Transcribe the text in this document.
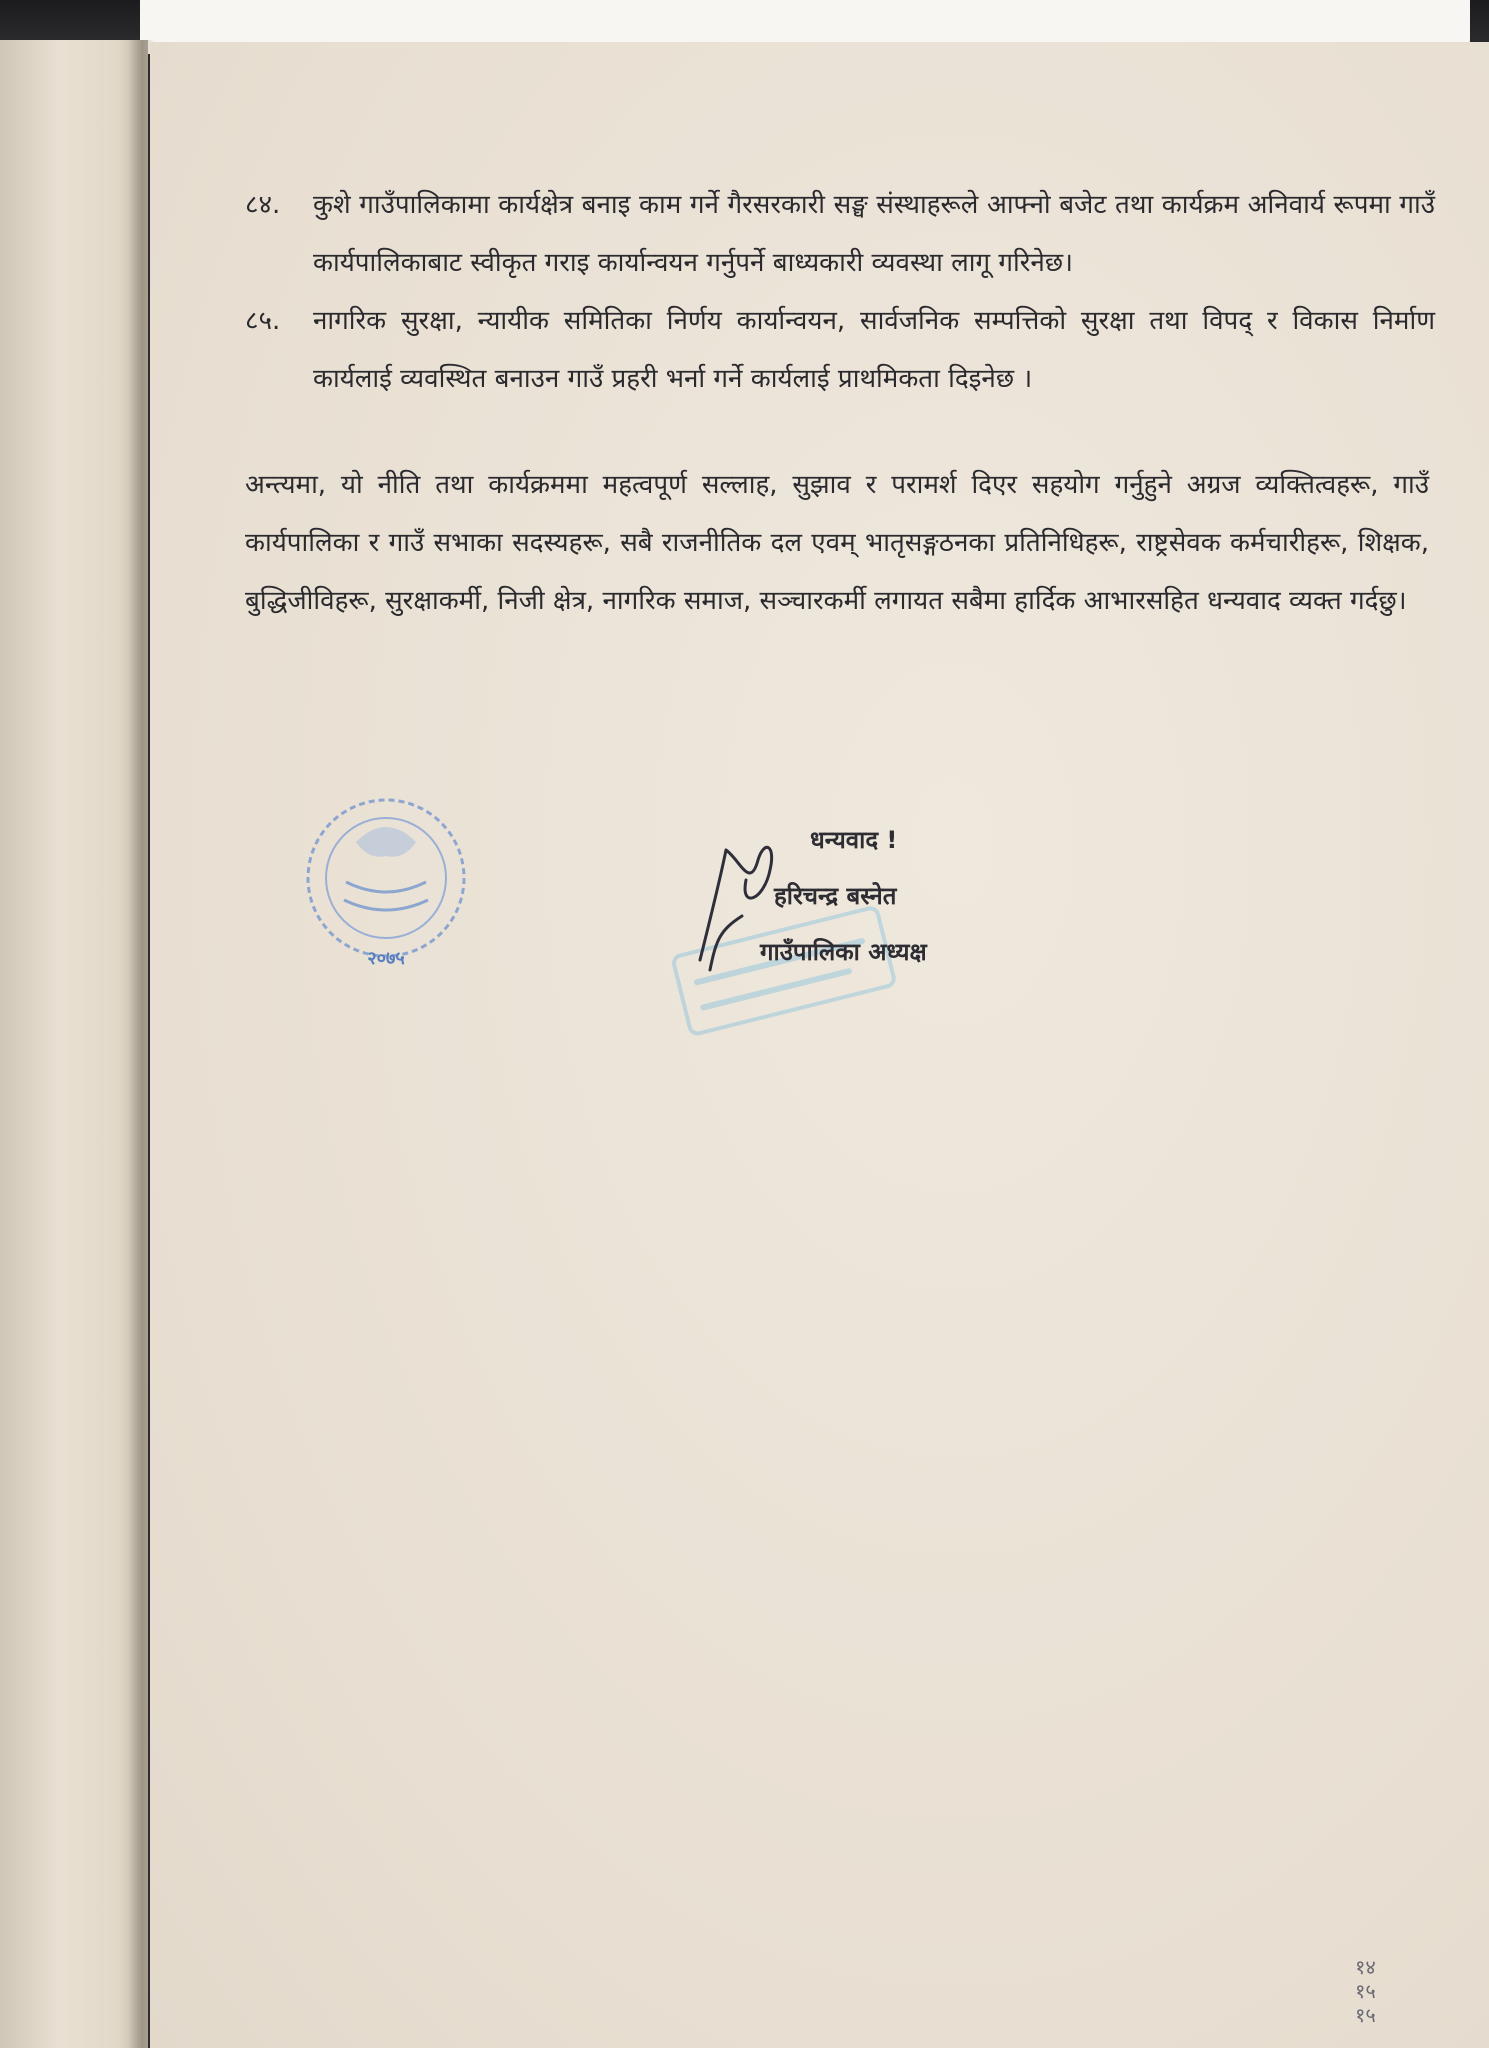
८४. कुशे गाउँपालिकामा कार्यक्षेत्र बनाइ काम गर्ने गैरसरकारी सङ्घ संस्थाहरूले आफ्नो बजेट तथा कार्यक्रम अनिवार्य रूपमा गाउँ कार्यपालिकाबाट स्वीकृत गराइ कार्यान्वयन गर्नुपर्ने बाध्यकारी व्यवस्था लागू गरिनेछ।
८५. नागरिक सुरक्षा, न्यायीक समितिका निर्णय कार्यान्वयन, सार्वजनिक सम्पत्तिको सुरक्षा तथा विपद् र विकास निर्माण कार्यलाई व्यवस्थित बनाउन गाउँ प्रहरी भर्ना गर्ने कार्यलाई प्राथमिकता दिइनेछ ।
अन्त्यमा, यो नीति तथा कार्यक्रममा महत्वपूर्ण सल्लाह, सुझाव र परामर्श दिएर सहयोग गर्नुहुने अग्रज व्यक्तित्वहरू, गाउँ कार्यपालिका र गाउँ सभाका सदस्यहरू, सबै राजनीतिक दल एवम् भातृसङ्गठनका प्रतिनिधिहरू, राष्ट्रसेवक कर्मचारीहरू, शिक्षक, बुद्धिजीविहरू, सुरक्षाकर्मी, निजी क्षेत्र, नागरिक समाज, सञ्चारकर्मी लगायत सबैमा हार्दिक आभारसहित धन्यवाद व्यक्त गर्दछु।
२०७५
धन्यवाद !
हरिचन्द्र बस्नेत
गाउँपालिका अध्यक्ष
१४
१५
१५
